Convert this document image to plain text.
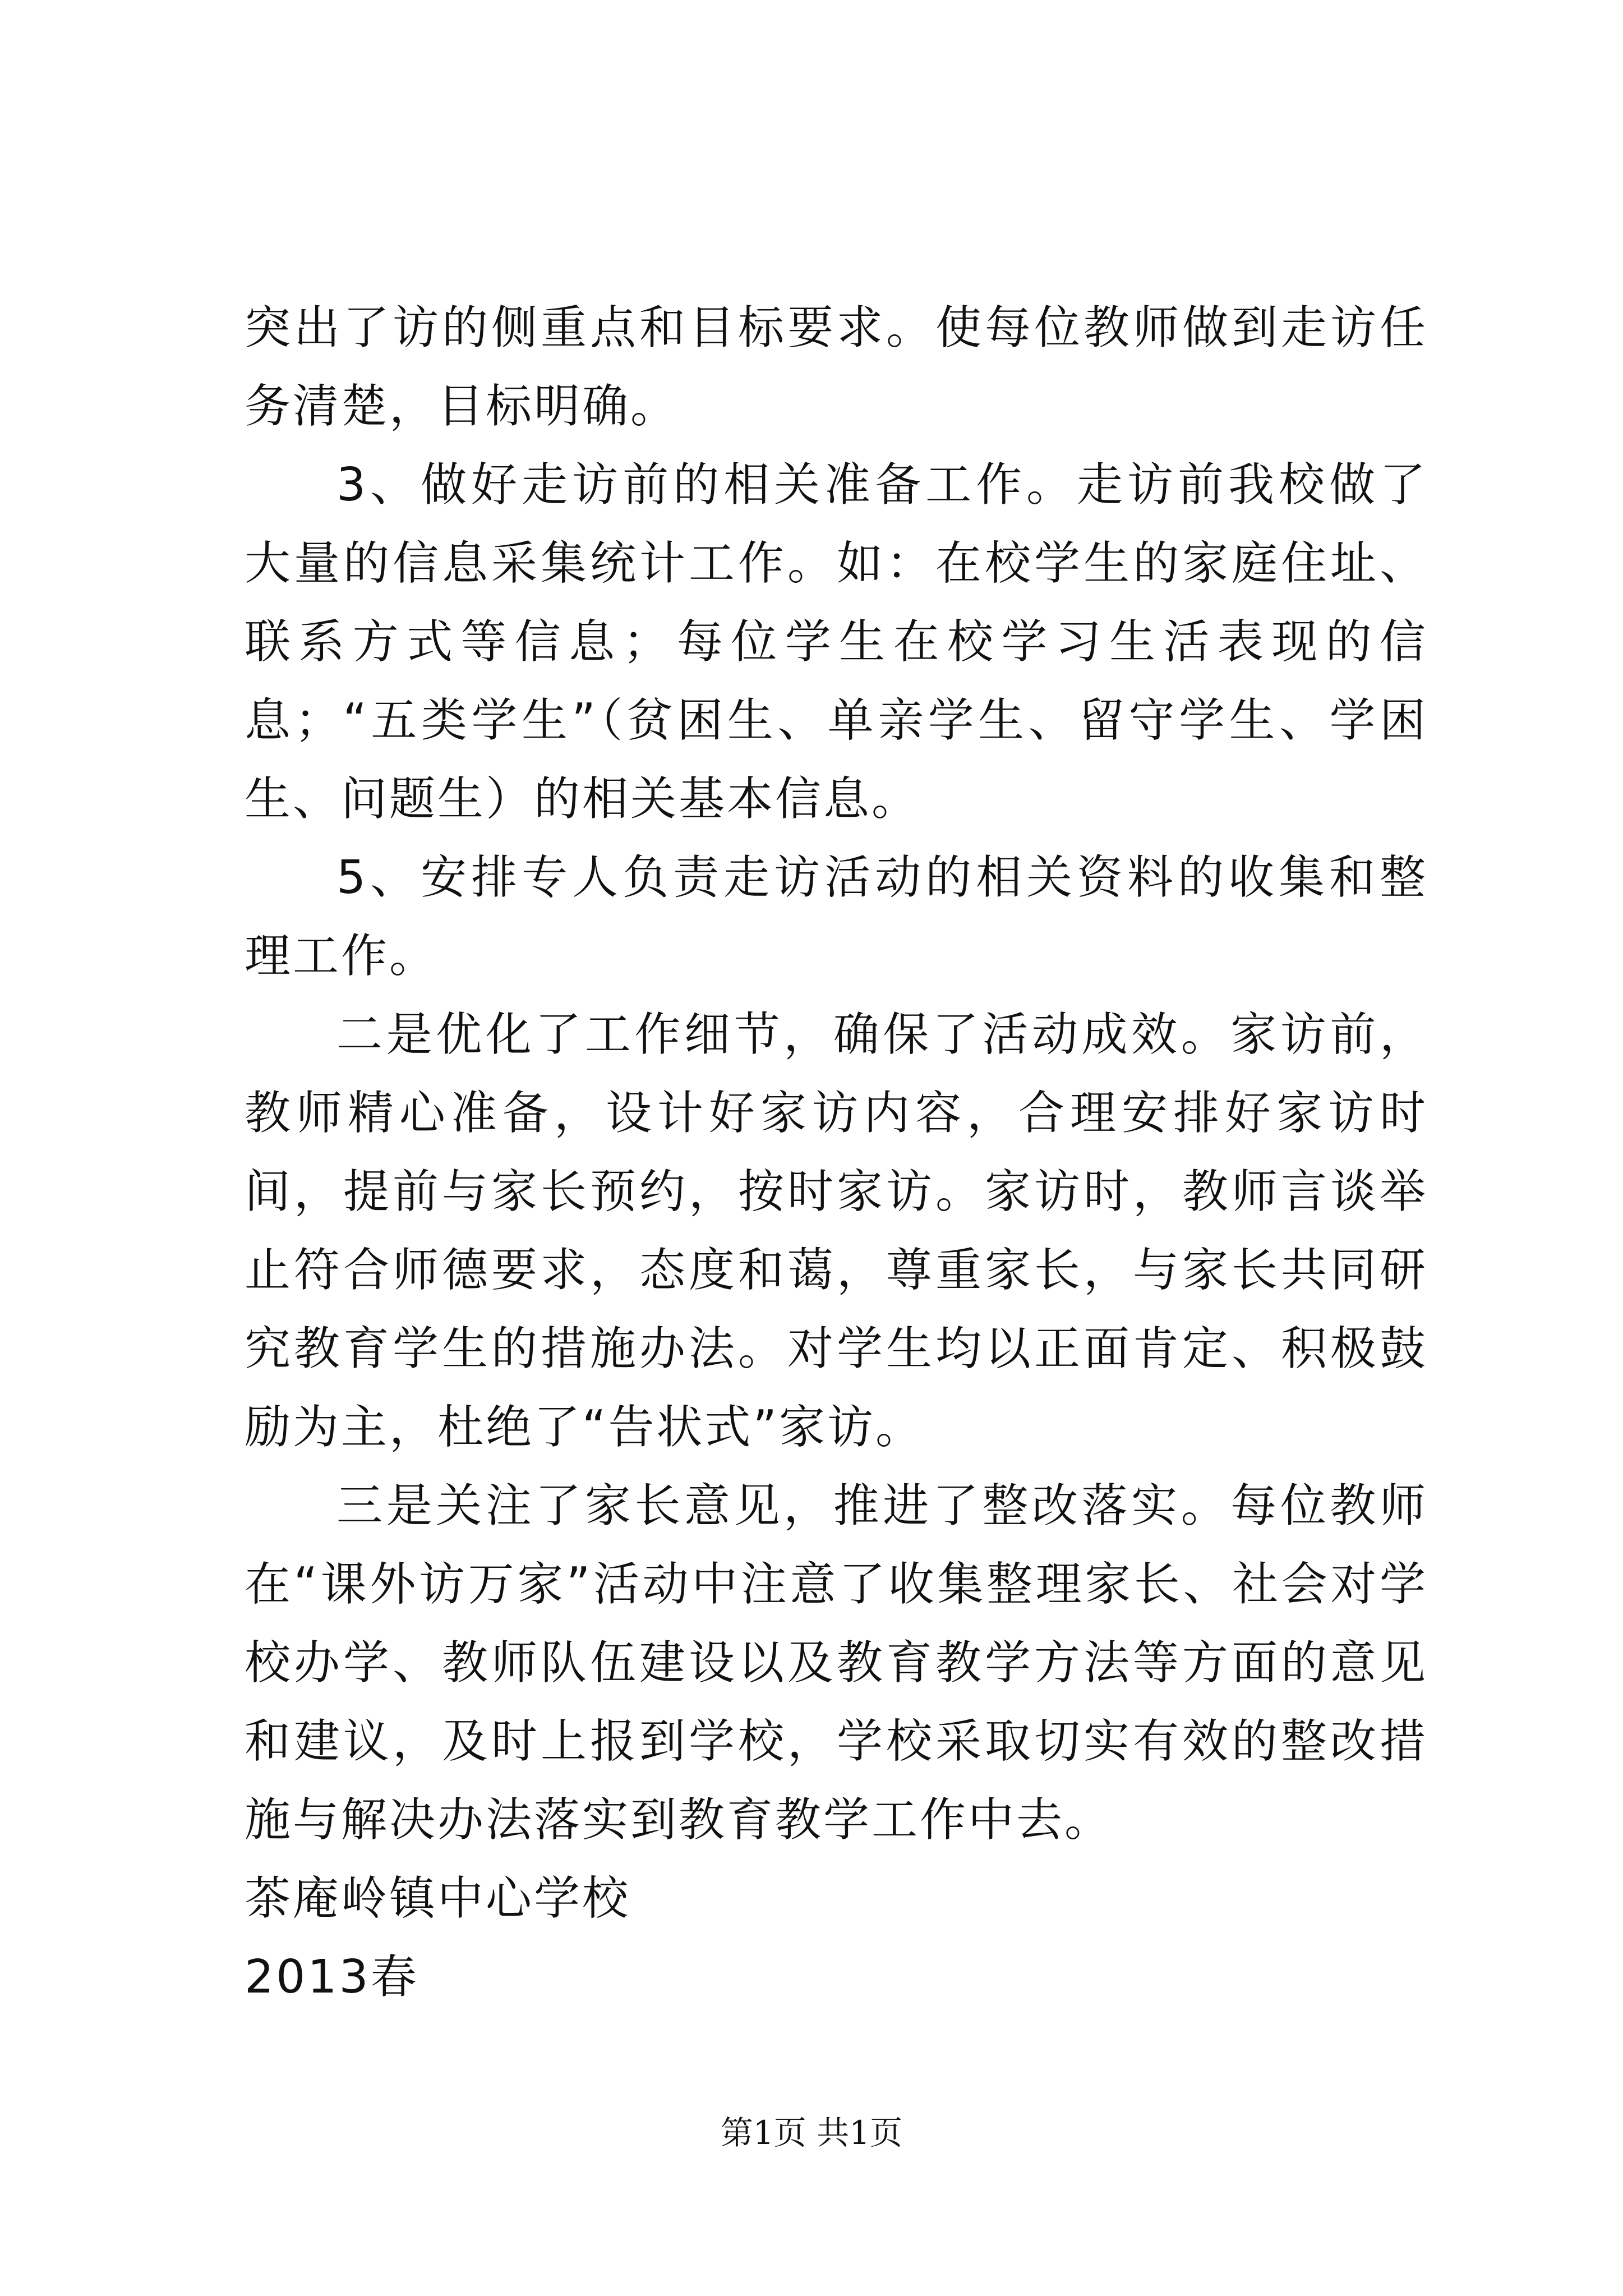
突出了访的侧重点和目标要求。使每位教师做到走访任务清楚，目标明确。

3、做好走访前的相关准备工作。走访前我校做了大量的信息采集统计工作。如：在校学生的家庭住址、联系方式等信息；每位学生在校学习生活表现的信息；“五类学生”（贫困生、单亲学生、留守学生、学困生、问题生）的相关基本信息。

5、安排专人负责走访活动的相关资料的收集和整理工作。

二是优化了工作细节，确保了活动成效。家访前，教师精心准备，设计好家访内容，合理安排好家访时间，提前与家长预约，按时家访。家访时，教师言谈举止符合师德要求，态度和蔼，尊重家长，与家长共同研究教育学生的措施办法。对学生均以正面肯定、积极鼓励为主，杜绝了“告状式”家访。

三是关注了家长意见，推进了整改落实。每位教师在“课外访万家”活动中注意了收集整理家长、社会对学校办学、教师队伍建设以及教育教学方法等方面的意见和建议，及时上报到学校，学校采取切实有效的整改措施与解决办法落实到教育教学工作中去。

茶庵岭镇中心学校

2013春

第1页 共1页
